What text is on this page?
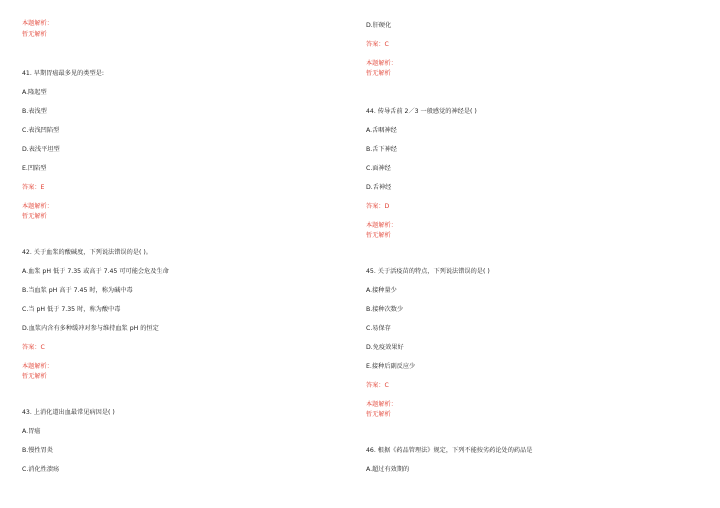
本题解析：
暂无解析
41. 早期胃癌最多见的类型是:
A.隆起型
B.表浅型
C.表浅凹陷型
D.表浅平坦型
E.凹陷型
答案：E
本题解析：
暂无解析
42. 关于血浆的酸碱度，下列说法错误的是( )。
A.血浆 pH 低于 7.35 或高于 7.45 可可能会危及生命
B.当血浆 pH 高于 7.45 时，称为碱中毒
C.当 pH 低于 7.35 时，称为酸中毒
D.血浆内含有多种缓冲对参与维持血浆 pH 的恒定
答案：C
本题解析：
暂无解析
43. 上消化道出血最常见病因是( )
A.胃癌
B.慢性胃炎
C.消化性溃疡
D.肝硬化
答案：C
本题解析：
暂无解析
44. 传导舌前 2／3 一般感觉的神经是( )
A.舌咽神经
B.舌下神经
C.面神经
D.舌神经
答案：D
本题解析：
暂无解析
45. 关于活疫苗的特点，下列说法错误的是( )
A.接种量少
B.接种次数少
C.易保存
D.免疫效果好
E.接种后副反应少
答案：C
本题解析：
暂无解析
46. 根据《药品管理法》规定，下列不能按劣药论处的药品是
A.超过有效期的
